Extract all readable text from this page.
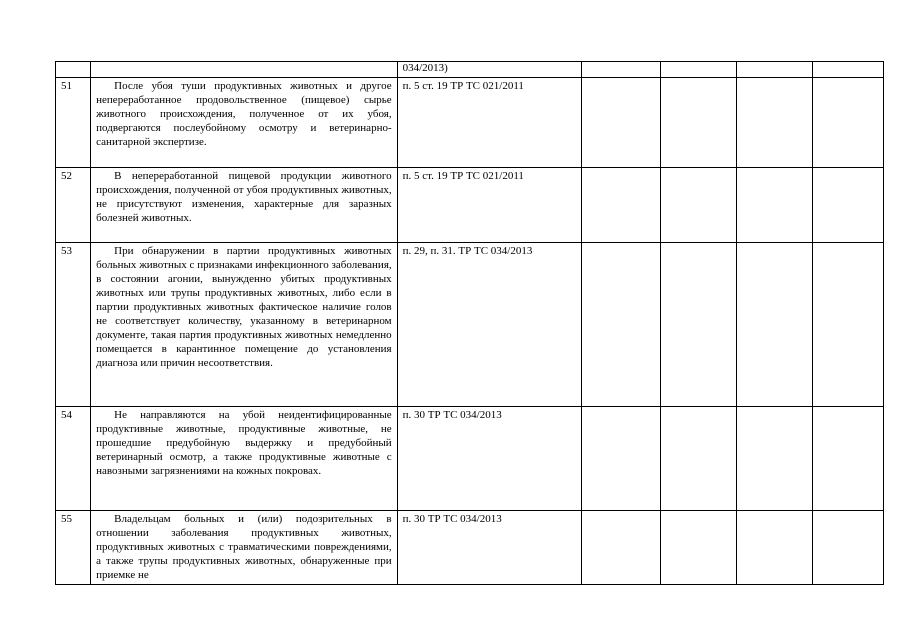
		034/2013)				

51	После убоя туши продуктивных животных и другое непереработанное продовольственное (пищевое) сырье животного происхождения, полученное от их убоя, подвергаются послеубойному осмотру и ветеринарно-санитарной экспертизе.	п. 5 ст. 19 ТР ТС 021/2011				

52	В непереработанной пищевой продукции животного происхождения, полученной от убоя продуктивных животных, не присутствуют изменения, характерные для заразных болезней животных.	п. 5 ст. 19 ТР ТС 021/2011				

53	При обнаружении в партии продуктивных животных больных животных с признаками инфекционного заболевания, в состоянии агонии, вынужденно убитых продуктивных животных или трупы продуктивных животных, либо если в партии продуктивных животных фактическое наличие голов не соответствует количеству, указанному в ветеринарном документе, такая партия продуктивных животных немедленно помещается в карантинное помещение до установления диагноза или причин несоответствия.	п. 29, п. 31. ТР ТС 034/2013				

54	Не направляются на убой неидентифицированные продуктивные животные, продуктивные животные, не прошедшие предубойную выдержку и предубойный ветеринарный осмотр, а также продуктивные животные с навозными загрязнениями на кожных покровах.	п. 30 ТР ТС 034/2013				

55	Владельцам больных и (или) подозрительных в отношении заболевания продуктивных животных, продуктивных животных с травматическими повреждениями, а также трупы продуктивных животных, обнаруженные при приемке не	п. 30 ТР ТС 034/2013				
